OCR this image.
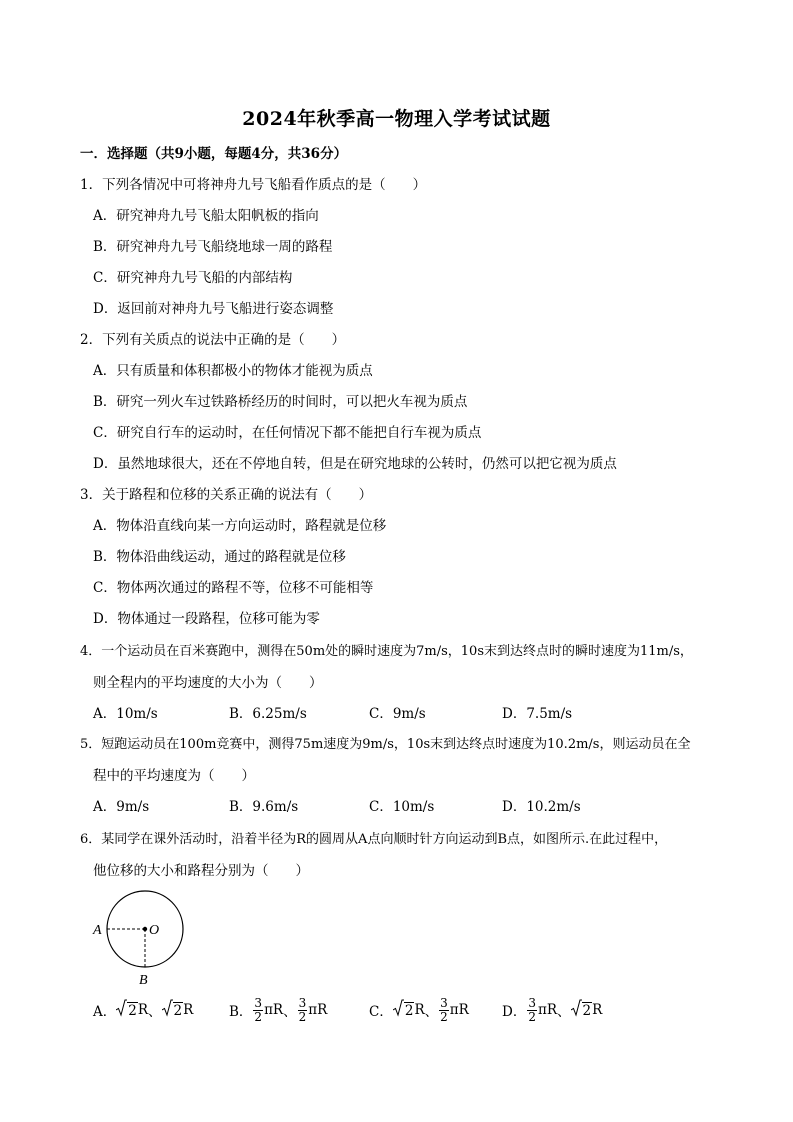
2024年秋季高一物理入学考试试题
一．选择题（共9小题，每题4分，共36分）
1．下列各情况中可将神舟九号飞船看作质点的是（　　）
A．研究神舟九号飞船太阳帆板的指向
B．研究神舟九号飞船绕地球一周的路程
C．研究神舟九号飞船的内部结构
D．返回前对神舟九号飞船进行姿态调整
2．下列有关质点的说法中正确的是（　　）
A．只有质量和体积都极小的物体才能视为质点
B．研究一列火车过铁路桥经历的时间时，可以把火车视为质点
C．研究自行车的运动时，在任何情况下都不能把自行车视为质点
D．虽然地球很大，还在不停地自转，但是在研究地球的公转时，仍然可以把它视为质点
3．关于路程和位移的关系正确的说法有（　　）
A．物体沿直线向某一方向运动时，路程就是位移
B．物体沿曲线运动，通过的路程就是位移
C．物体两次通过的路程不等，位移不可能相等
D．物体通过一段路程，位移可能为零
4．一个运动员在百米赛跑中，测得在50m处的瞬时速度为7m/s，10s末到达终点时的瞬时速度为11m/s，
则全程内的平均速度的大小为（　　）
A．10m/s	B．6.25m/s	C．9m/s	D．7.5m/s
5．短跑运动员在100m竞赛中，测得75m速度为9m/s，10s末到达终点时速度为10.2m/s，则运动员在全
程中的平均速度为（　　）
A．9m/s	B．9.6m/s	C．10m/s	D．10.2m/s
6．某同学在课外活动时，沿着半径为R的圆周从A点向顺时针方向运动到B点，如图所示.在此过程中，
他位移的大小和路程分别为（　　）
A	O
B
A． 2 R 、 2 R	B． $\frac{3}{2}$ πR 、 $\frac{3}{2}$ πR	C． 2 R 、 $\frac{3}{2}$ πR D． $\frac{3}{2}$ πR 、 2 R
